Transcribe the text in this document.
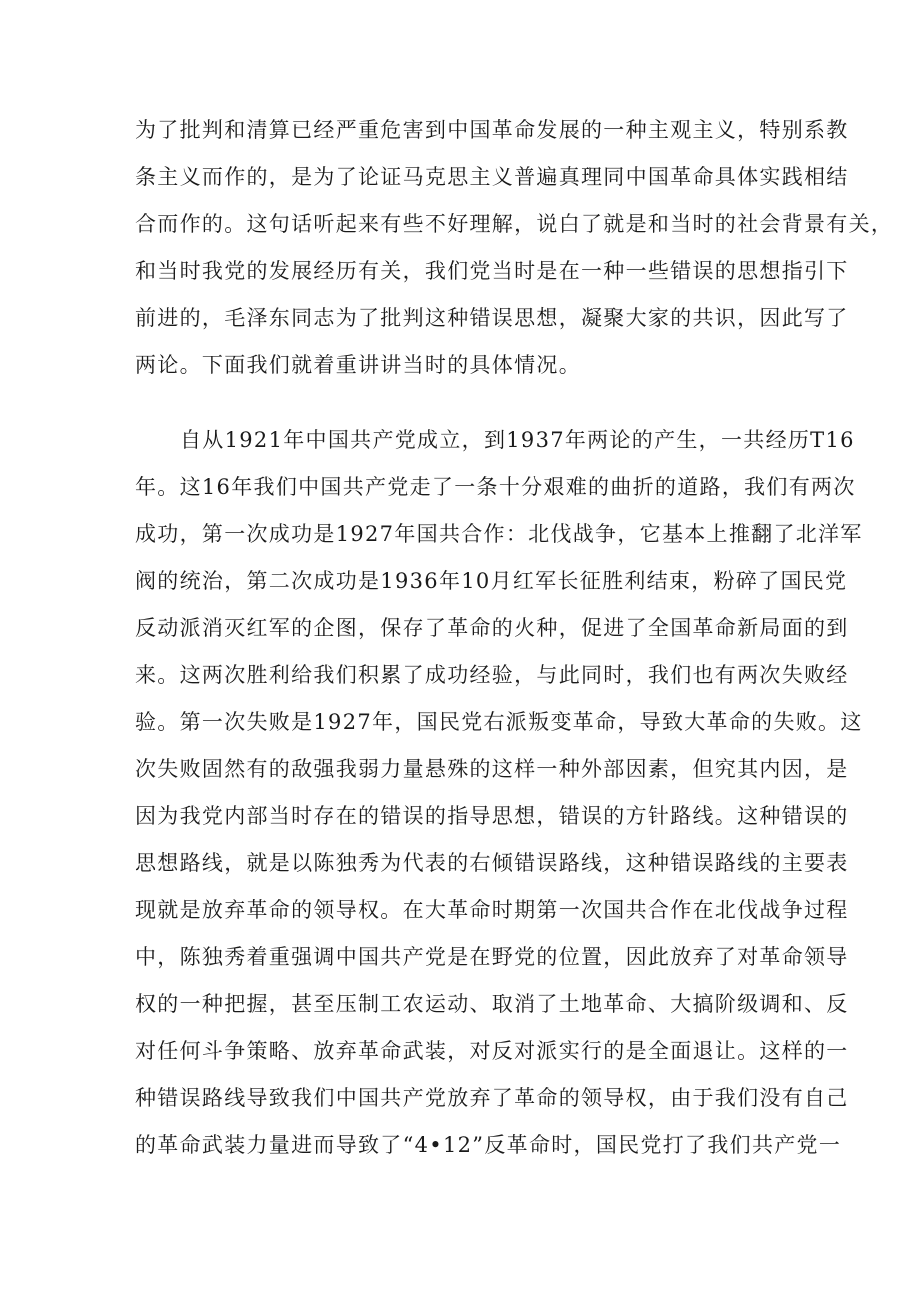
为了批判和清算已经严重危害到中国革命发展的一种主观主义，特别系教
条主义而作的，是为了论证马克思主义普遍真理同中国革命具体实践相结
合而作的。这句话听起来有些不好理解，说白了就是和当时的社会背景有关，
和当时我党的发展经历有关，我们党当时是在一种一些错误的思想指引下
前进的，毛泽东同志为了批判这种错误思想，凝聚大家的共识，因此写了
两论。下面我们就着重讲讲当时的具体情况。
自从1921年中国共产党成立，到1937年两论的产生，一共经历T16
年。这16年我们中国共产党走了一条十分艰难的曲折的道路，我们有两次
成功，第一次成功是1927年国共合作：北伐战争，它基本上推翻了北洋军
阀的统治，第二次成功是1936年10月红军长征胜利结束，粉碎了国民党
反动派消灭红军的企图，保存了革命的火种，促进了全国革命新局面的到
来。这两次胜利给我们积累了成功经验，与此同时，我们也有两次失败经
验。第一次失败是1927年，国民党右派叛变革命，导致大革命的失败。这
次失败固然有的敌强我弱力量悬殊的这样一种外部因素，但究其内因，是
因为我党内部当时存在的错误的指导思想，错误的方针路线。这种错误的
思想路线，就是以陈独秀为代表的右倾错误路线，这种错误路线的主要表
现就是放弃革命的领导权。在大革命时期第一次国共合作在北伐战争过程
中，陈独秀着重强调中国共产党是在野党的位置，因此放弃了对革命领导
权的一种把握，甚至压制工农运动、取消了土地革命、大搞阶级调和、反
对任何斗争策略、放弃革命武装，对反对派实行的是全面退让。这样的一
种错误路线导致我们中国共产党放弃了革命的领导权，由于我们没有自己
的革命武装力量进而导致了“4•12”反革命时，国民党打了我们共产党一
